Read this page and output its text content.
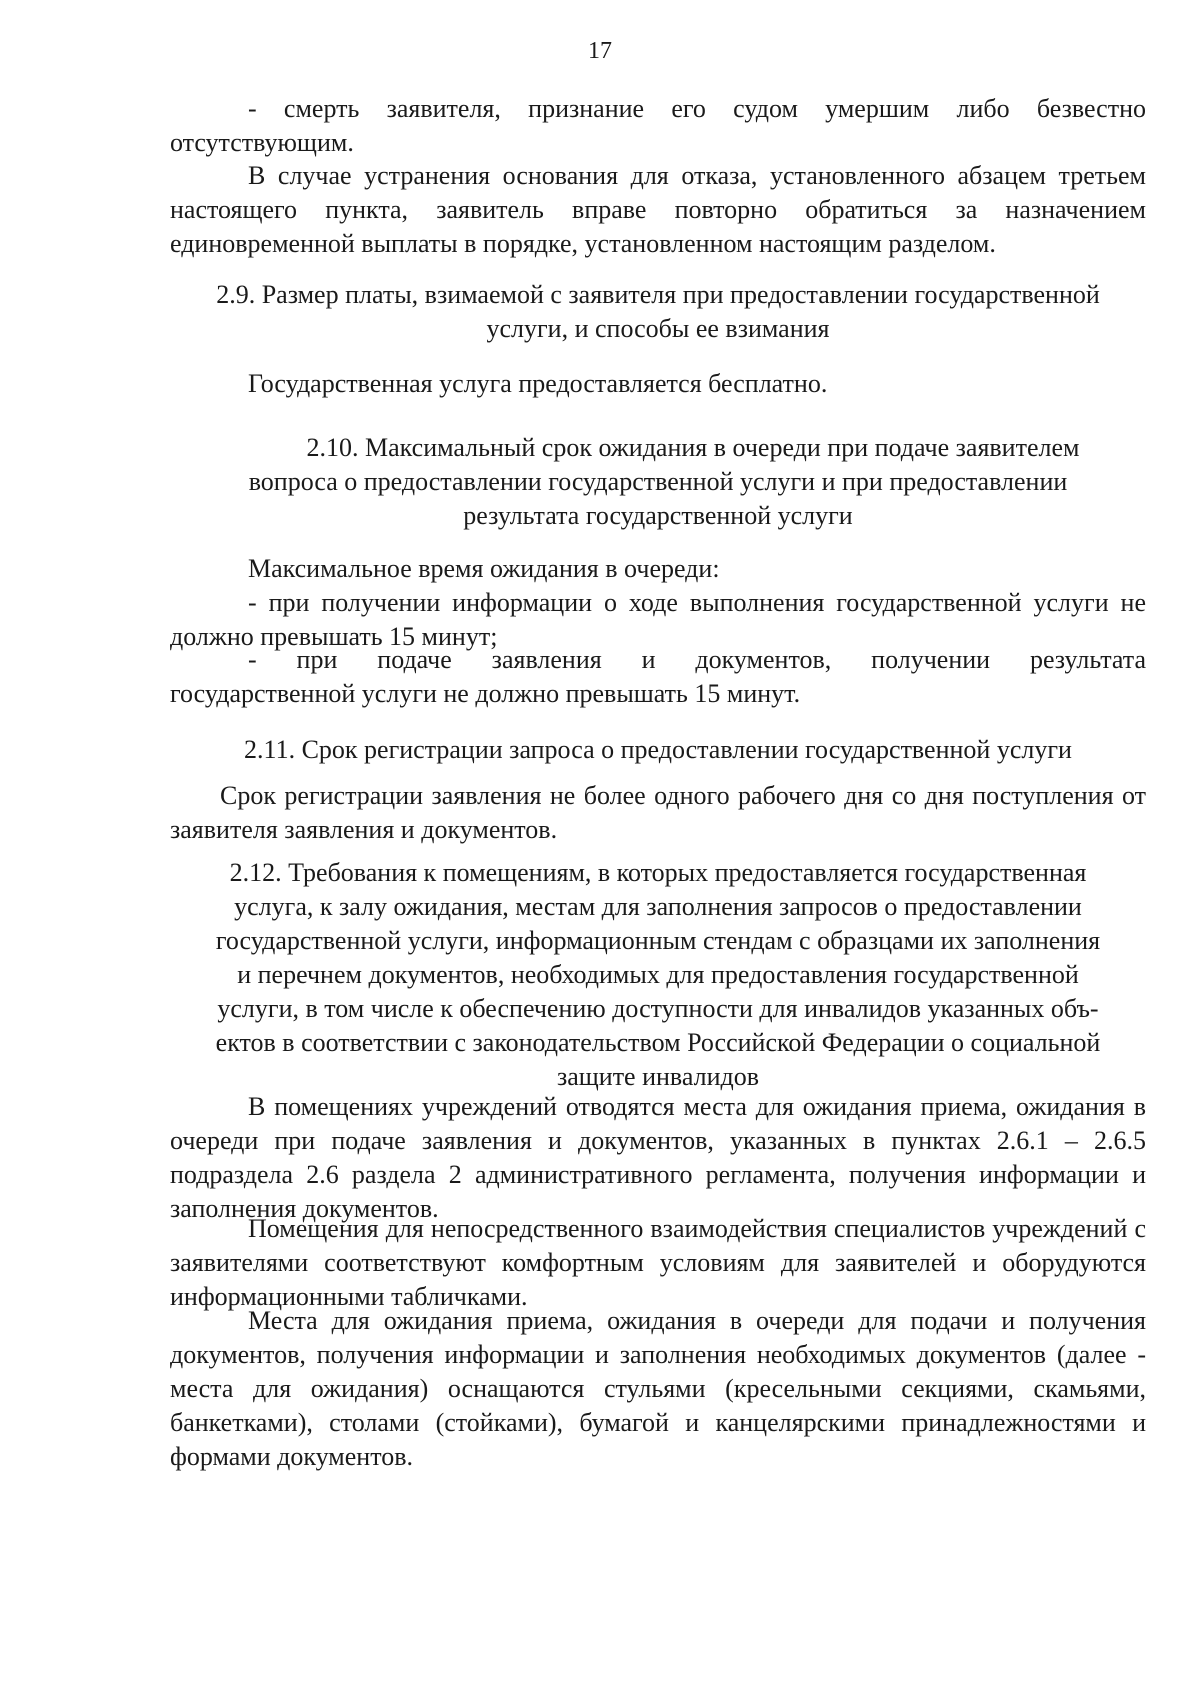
17

- смерть заявителя, признание его судом умершим либо безвестно отсутствующим.

В случае устранения основания для отказа, установленного абзацем третьем настоящего пункта, заявитель вправе повторно обратиться за назначением единовременной выплаты в порядке, установленном настоящим разделом.

2.9. Размер платы, взимаемой с заявителя при предоставлении государственной
услуги, и способы ее взимания

Государственная услуга предоставляется бесплатно.

2.10. Максимальный срок ожидания в очереди при подаче заявителем
вопроса о предоставлении государственной услуги и при предоставлении
результата государственной услуги

Максимальное время ожидания в очереди:

- при получении информации о ходе выполнения государственной услуги не должно превышать 15 минут;

- при подаче заявления и документов, получении результата
государственной услуги не должно превышать 15 минут.
2.11. Срок регистрации запроса о предоставлении государственной услуги

Срок регистрации заявления не более одного рабочего дня со дня поступления от заявителя заявления и документов.

2.12. Требования к помещениям, в которых предоставляется государственная
услуга, к залу ожидания, местам для заполнения запросов о предоставлении
государственной услуги, информационным стендам с образцами их заполнения
и перечнем документов, необходимых для предоставления государственной
услуги, в том числе к обеспечению доступности для инвалидов указанных объ-
ектов в соответствии с законодательством Российской Федерации о социальной
защите инвалидов

В помещениях учреждений отводятся места для ожидания приема, ожидания в очереди при подаче заявления и документов, указанных в пунктах 2.6.1 – 2.6.5 подраздела 2.6 раздела 2 административного регламента, получения информации и заполнения документов.

Помещения для непосредственного взаимодействия специалистов учреждений с заявителями соответствуют комфортным условиям для заявителей и оборудуются информационными табличками.

Места для ожидания приема, ожидания в очереди для подачи и получения документов, получения информации и заполнения необходимых документов (далее - места для ожидания) оснащаются стульями (кресельными секциями, скамьями, банкетками), столами (стойками), бумагой и канцелярскими принадлежностями и формами документов.
